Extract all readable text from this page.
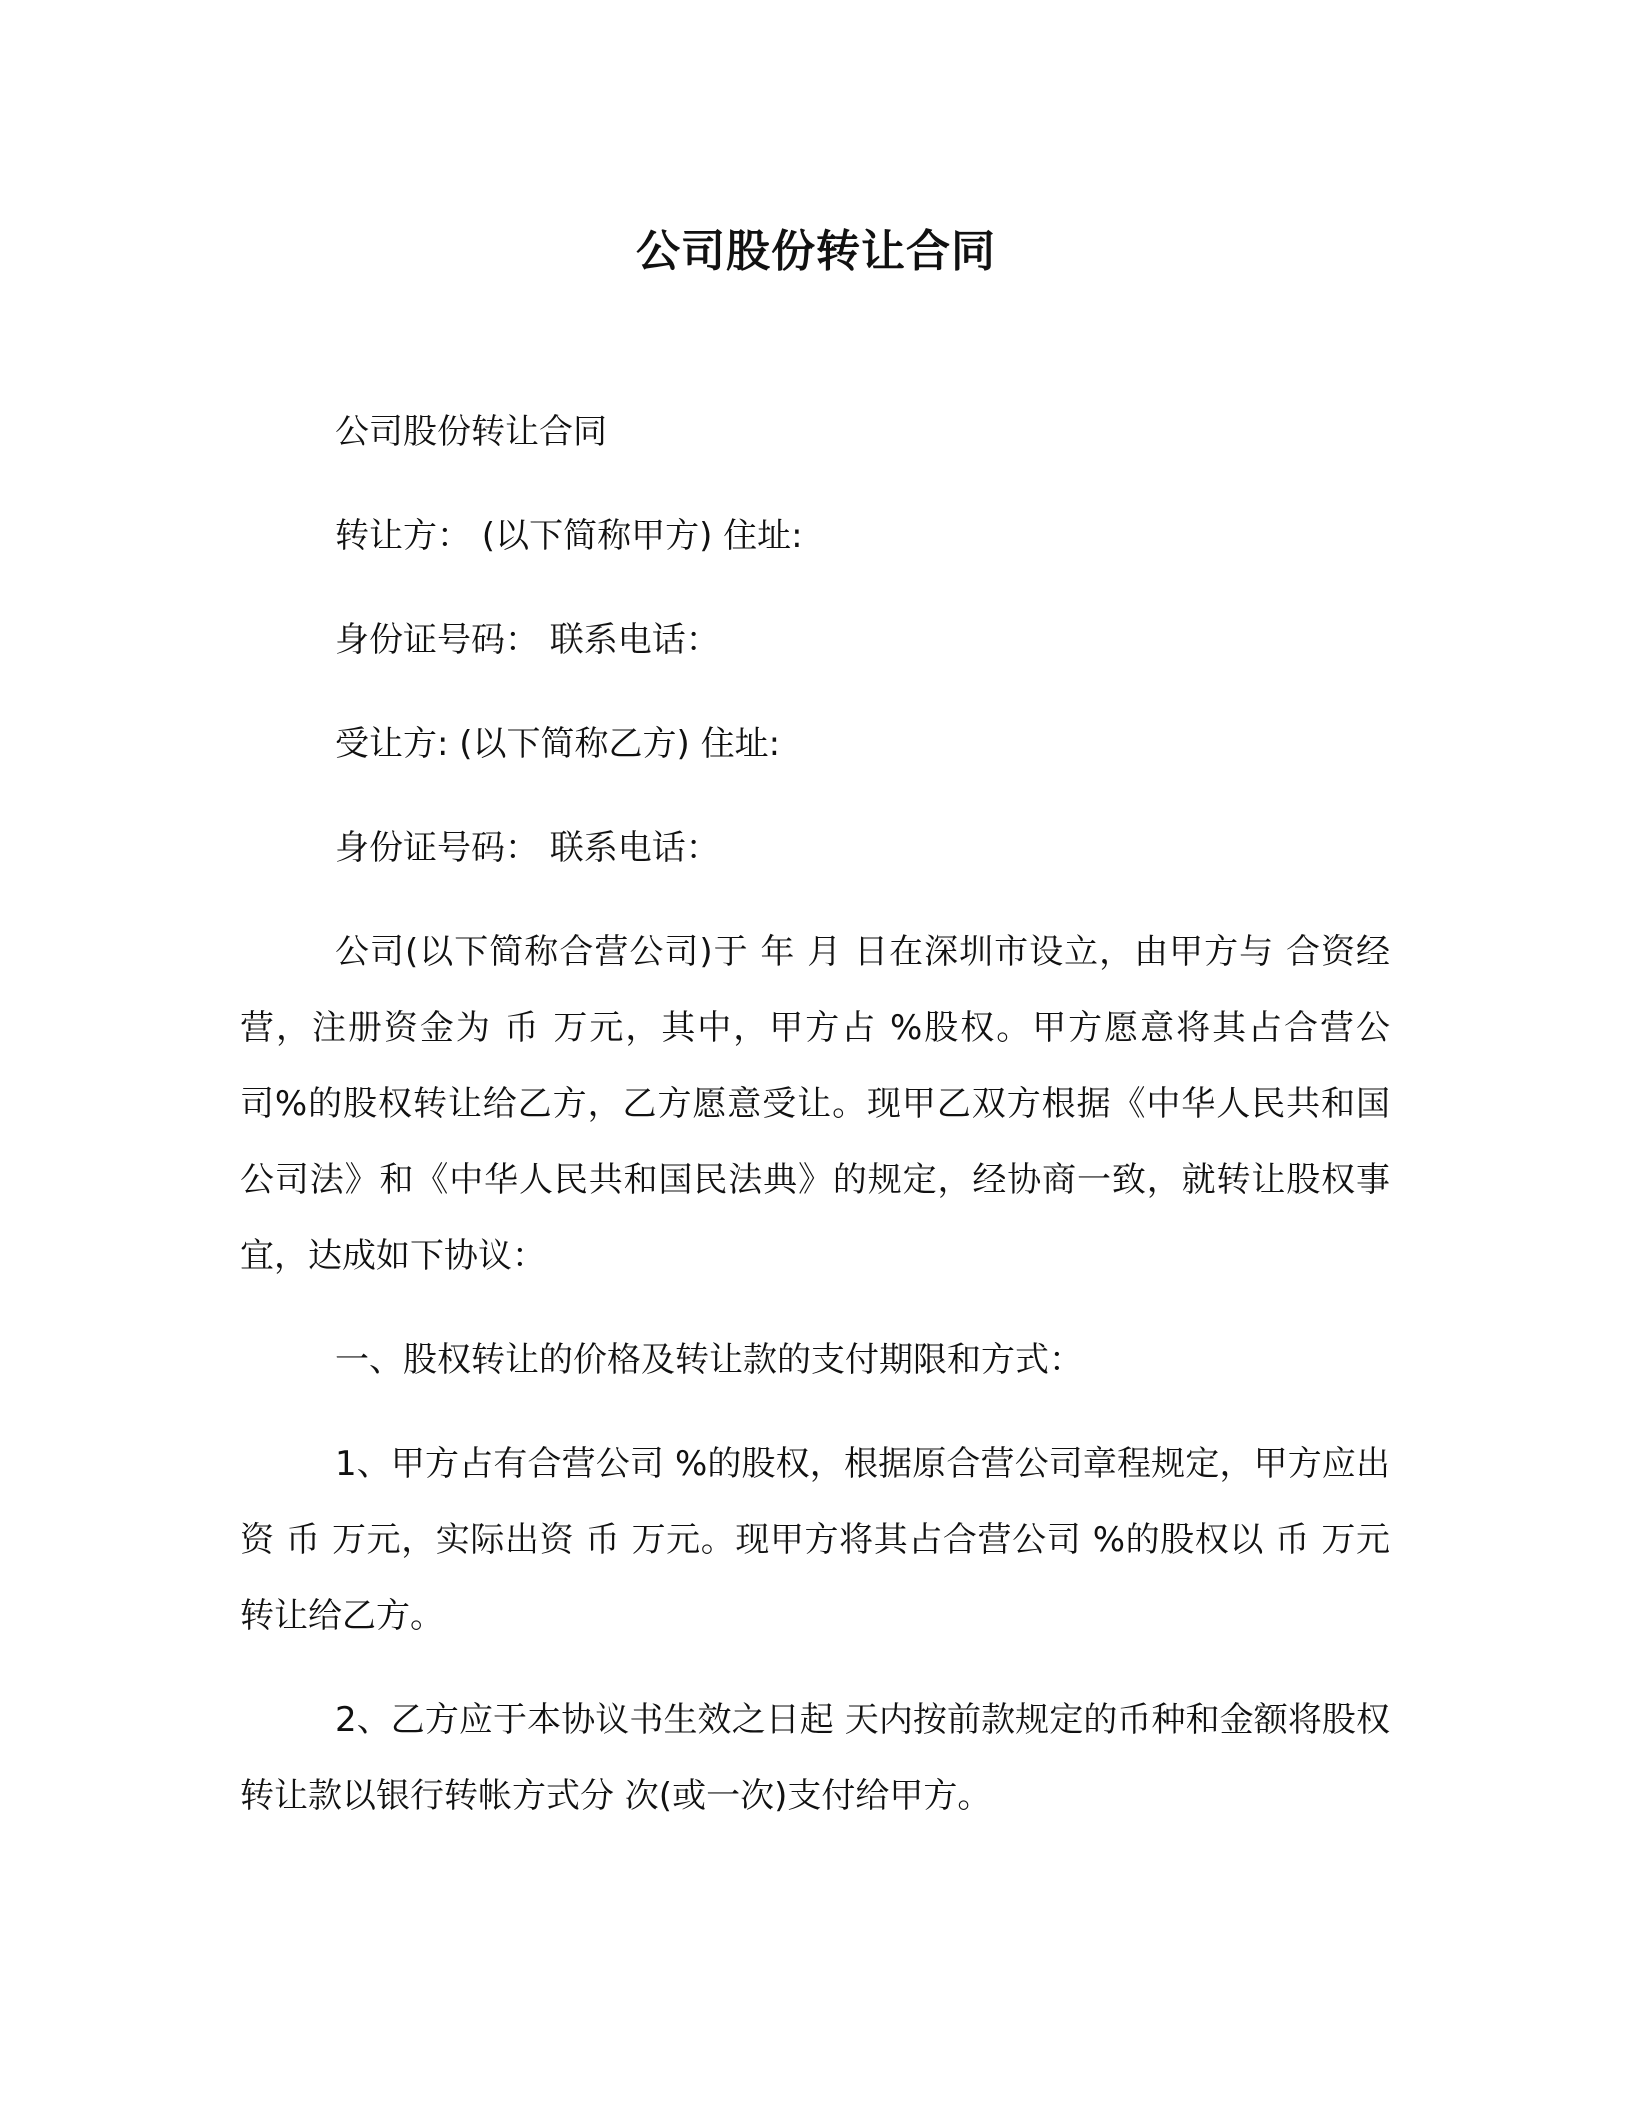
公司股份转让合同

公司股份转让合同

转让方： (以下简称甲方) 住址:

身份证号码： 联系电话：

受让方: (以下简称乙方) 住址:

身份证号码： 联系电话：

公司(以下简称合营公司)于 年 月 日在深圳市设立，由甲方与 合资经营，注册资金为 币 万元，其中，甲方占 %股权。甲方愿意将其占合营公司%的股权转让给乙方，乙方愿意受让。现甲乙双方根据《中华人民共和国公司法》和《中华人民共和国民法典》的规定，经协商一致，就转让股权事宜，达成如下协议：

一、股权转让的价格及转让款的支付期限和方式：

1、甲方占有合营公司 %的股权，根据原合营公司章程规定，甲方应出资 币 万元，实际出资 币 万元。现甲方将其占合营公司 %的股权以 币 万元转让给乙方。

2、乙方应于本协议书生效之日起 天内按前款规定的币种和金额将股权转让款以银行转帐方式分 次(或一次)支付给甲方。
